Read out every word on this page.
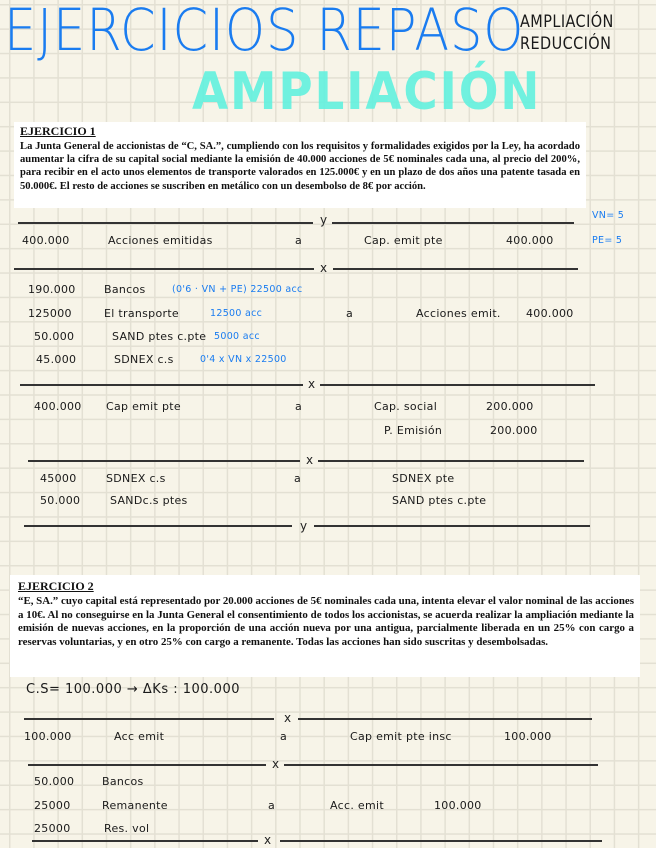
EJERCICIOS REPASO
AMPLIACIÓN
REDUCCIÓN
AMPLIACIÓN
EJERCICIO 1

La Junta General de accionistas de “C, SA.”, cumpliendo con los requisitos y formalidades exigidos por la Ley, ha acordado aumentar la cifra de su capital social mediante la emisión de 40.000 acciones de 5€ nominales cada una, al precio del 200%, para recibir en el acto unos elementos de transporte valorados en 125.000€ y en un plazo de dos años una patente tasada en 50.000€. El resto de acciones se suscriben en metálico con un desembolso de 8€ por acción.

VN= 5
PE= 5
y
400.000	Acciones emitidas	a	Cap. emit pte	400.000
x
190.000	Bancos	(0'6 · VN + PE) 22500 acc
125000	El transporte	12500 acc	a	Acciones emit. 400.000
50.000	SAND ptes c.pte 5000 acc
45.000	SDNEX c.s	0'4 x VN x 22500
x
400.000 Cap emit pte	a	Cap. social	200.000
P. Emisión	200.000
x
45000	SDNEX c.s	a	SDNEX pte
50.000	SANDc.s ptes	SAND ptes c.pte
y
EJERCICIO 2

“E, SA.” cuyo capital está representado por 20.000 acciones de 5€ nominales cada una, intenta elevar el valor nominal de las acciones a 10€. Al no conseguirse en la Junta General el consentimiento de todos los accionistas, se acuerda realizar la ampliación mediante la emisión de nuevas acciones, en la proporción de una acción nueva por una antigua, parcialmente liberada en un 25% con cargo a reservas voluntarias, y en otro 25% con cargo a remanente. Todas las acciones han sido suscritas y desembolsadas.

C.S= 100.000 → ΔKs : 100.000
x
100.000	Acc emit	a	Cap emit pte insc	100.000
x
50.000	Bancos
25000	Remanente	a	Acc. emit	100.000
25000	Res. vol
x
